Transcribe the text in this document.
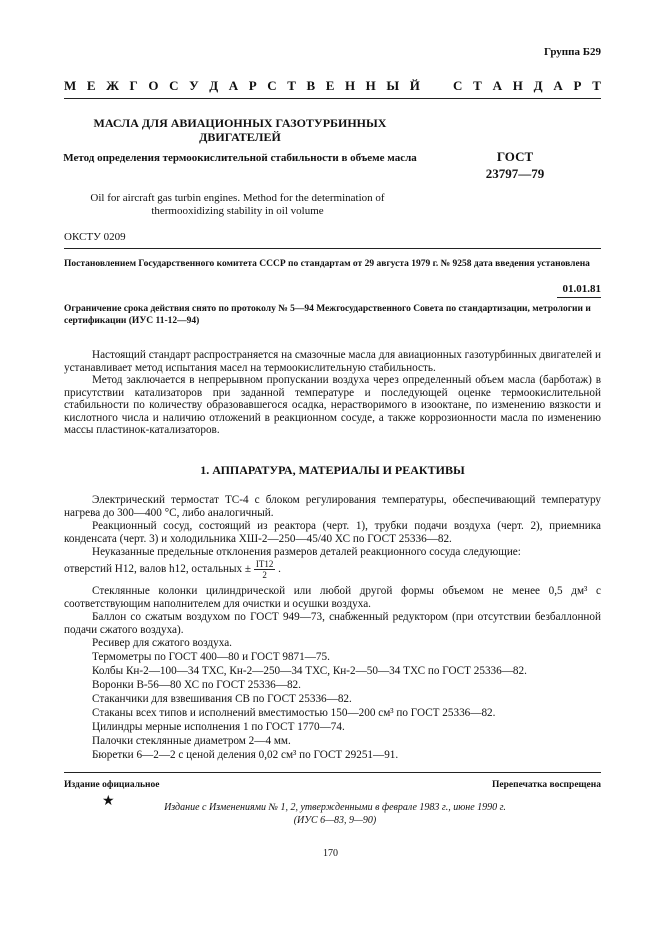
Группа Б29
М Е Ж Г О С У Д А Р С Т В Е Н Н Ы Й	С Т А Н Д А Р Т
МАСЛА ДЛЯ АВИАЦИОННЫХ ГАЗОТУРБИННЫХ ДВИГАТЕЛЕЙ
Метод определения термоокислительной стабильности в объеме масла	ГОСТ
23797—79
Oil for aircraft gas turbin engines. Method for the determination of thermooxidizing stability in oil volume
ОКСТУ 0209
Постановлением Государственного комитета СССР по стандартам от 29 августа 1979 г. № 9258 дата введения установлена
01.01.81
Ограничение срока действия снято по протоколу № 5—94 Межгосударственного Совета по стандартизации, метрологии и сертификации (ИУС 11-12—94)
Настоящий стандарт распространяется на смазочные масла для авиационных газотурбинных двигателей и устанавливает метод испытания масел на термоокислительную стабильность.
Метод заключается в непрерывном пропускании воздуха через определенный объем масла (барботаж) в присутствии катализаторов при заданной температуре и последующей оценке термоокислительной стабильности по количеству образовавшегося осадка, нерастворимого в изооктане, по изменению вязкости и кислотного числа и наличию отложений в реакционном сосуде, а также коррозионности масла по изменению массы пластинок-катализаторов.
1. АППАРАТУРА, МАТЕРИАЛЫ И РЕАКТИВЫ
Электрический термостат ТС-4 с блоком регулирования температуры, обеспечивающий температуру нагрева до 300—400 °С, либо аналогичный.
Реакционный сосуд, состоящий из реактора (черт. 1), трубки подачи воздуха (черт. 2), приемника конденсата (черт. 3) и холодильника ХШ-2—250—45/40 ХС по ГОСТ 25336—82.
Неуказанные предельные отклонения размеров деталей реакционного сосуда следующие:
отверстий Н12, валов h12, остальных ± $\frac{IT12}{2}$ .
Стеклянные колонки цилиндрической или любой другой формы объемом не менее 0,5 дм³ с соответствующим наполнителем для очистки и осушки воздуха.
Баллон со сжатым воздухом по ГОСТ 949—73, снабженный редуктором (при отсутствии безбаллонной подачи сжатого воздуха).
Ресивер для сжатого воздуха.
Термометры по ГОСТ 400—80 и ГОСТ 9871—75.
Колбы Кн-2—100—34 ТХС, Кн-2—250—34 ТХС, Кн-2—50—34 ТХС по ГОСТ 25336—82.
Воронки В-56—80 ХС по ГОСТ 25336—82.
Стаканчики для взвешивания СВ по ГОСТ 25336—82.
Стаканы всех типов и исполнений вместимостью 150—200 см³ по ГОСТ 25336—82.
Цилиндры мерные исполнения 1 по ГОСТ 1770—74.
Палочки стеклянные диаметром 2—4 мм.
Бюретки 6—2—2 с ценой деления 0,02 см³ по ГОСТ 29251—91.
Издание официальное	Перепечатка воспрещена
★	Издание с Изменениями № 1, 2, утвержденными в феврале 1983 г., июне 1990 г.
(ИУС 6—83, 9—90)
170
